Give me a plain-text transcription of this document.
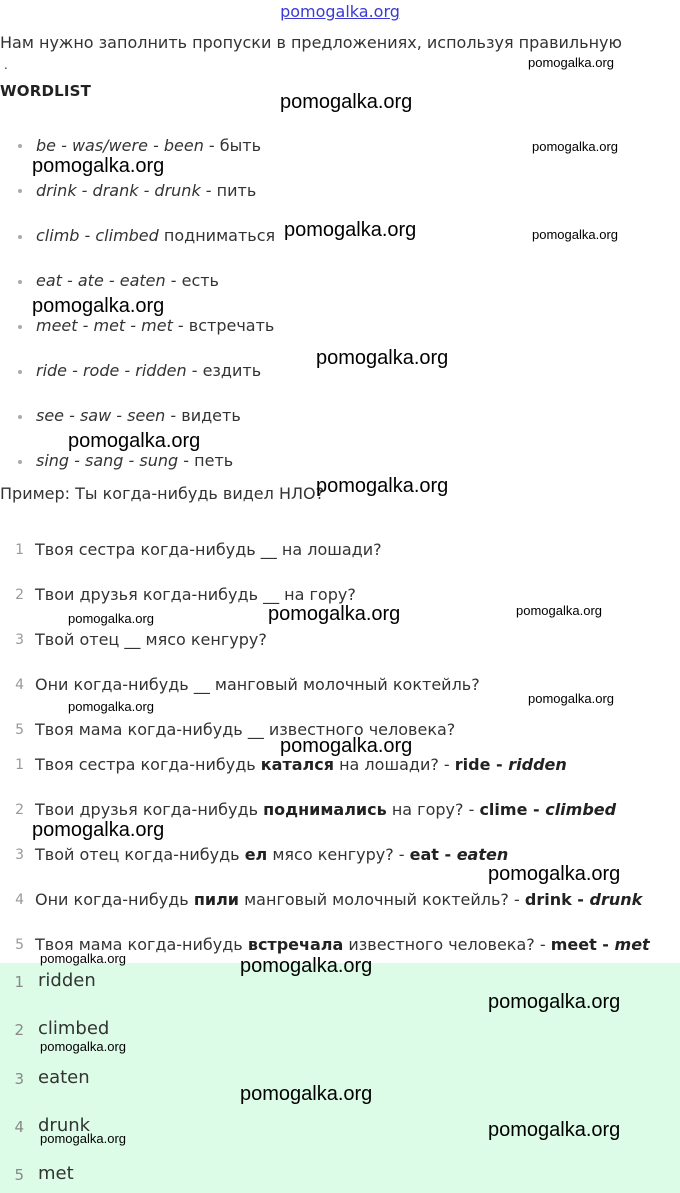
pomogalka.org
Нам нужно заполнить пропуски в предложениях, используя правильную
.
WORDLIST
be - was/were - been - быть
drink - drank - drunk - пить
climb - climbed подниматься
eat - ate - eaten - есть
meet - met - met - встречать
ride - rode - ridden - ездить
see - saw - seen - видеть
sing - sang - sung - петь
Пример: Ты когда-нибудь видел НЛО?
1 Твоя сестра когда-нибудь __ на лошади?
2 Твои друзья когда-нибудь __ на гору?
3 Твой отец __ мясо кенгуру?
4 Они когда-нибудь __ манговый молочный коктейль?
5 Твоя мама когда-нибудь __ известного человека?
1 Твоя сестра когда-нибудь катался на лошади? - ride - ridden
2 Твои друзья когда-нибудь поднимались на гору? - clime - climbed
3 Твой отец когда-нибудь ел мясо кенгуру? - eat - eaten
4 Они когда-нибудь пили манговый молочный коктейль? - drink - drunk
5 Твоя мама когда-нибудь встречала известного человека? - meet - met
1 ridden
2 climbed
3 eaten
4 drunk
5 met
pomogalka.org
pomogalka.org
pomogalka.org
pomogalka.org
pomogalka.org	pomogalka.org
pomogalka.org
pomogalka.org
pomogalka.org
pomogalka.org
pomogalka.org	pomogalka.org
pomogalka.org
pomogalka.org
pomogalka.org
pomogalka.org
pomogalka.org
pomogalka.org
pomogalka.org	pomogalka.org
pomogalka.org
pomogalka.org
pomogalka.org
pomogalka.org
pomogalka.org
